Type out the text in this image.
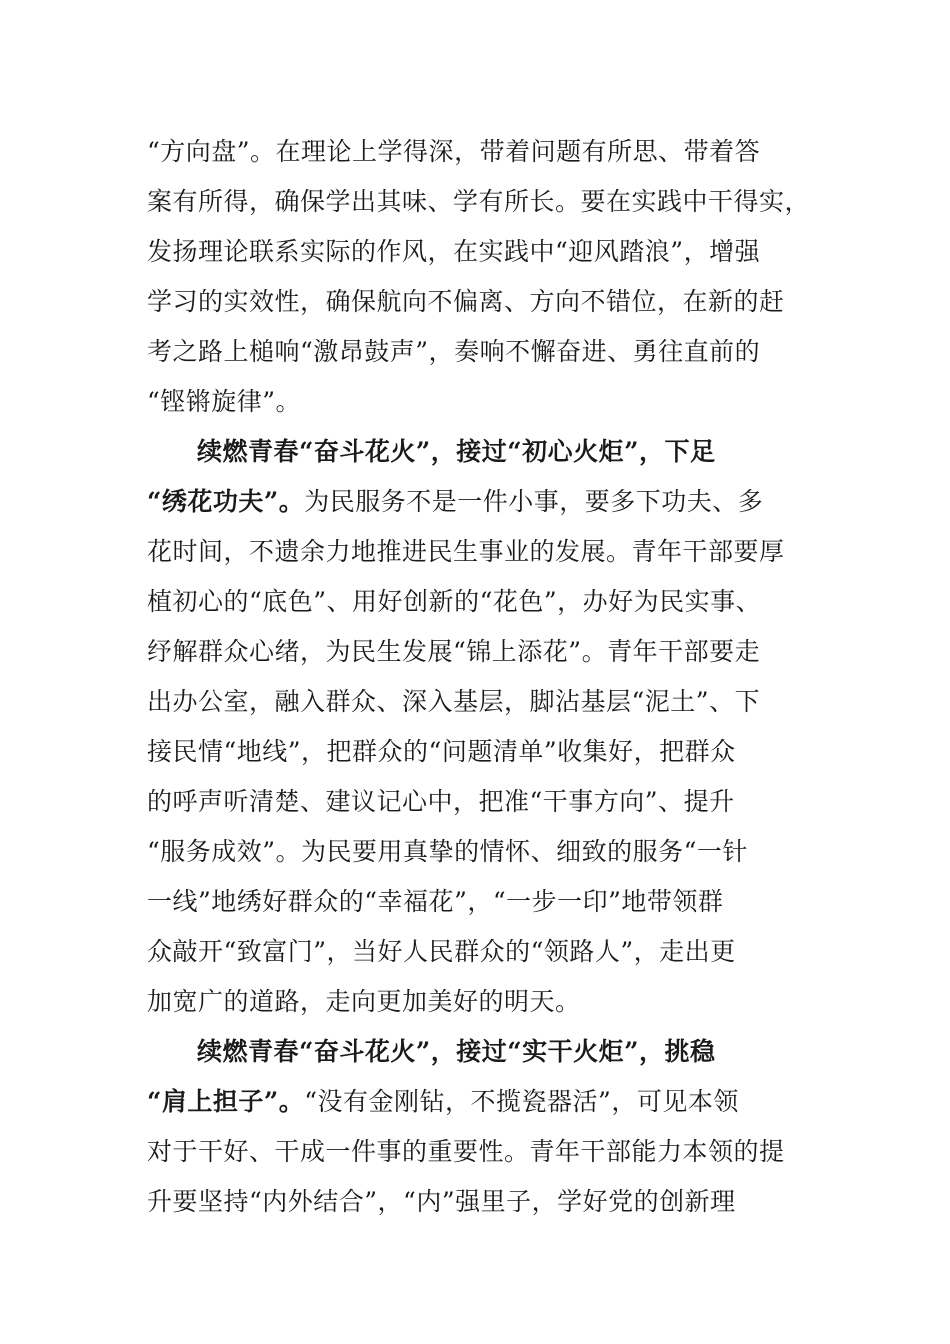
“方向盘”。在理论上学得深，带着问题有所思、带着答
案有所得，确保学出其味、学有所长。要在实践中干得实，
发扬理论联系实际的作风，在实践中“迎风踏浪”，增强
学习的实效性，确保航向不偏离、方向不错位，在新的赶
考之路上槌响“激昂鼓声”，奏响不懈奋进、勇往直前的
“铿锵旋律”。
续燃青春“奋斗花火”，接过“初心火炬”，下足
“绣花功夫”。为民服务不是一件小事，要多下功夫、多
花时间，不遗余力地推进民生事业的发展。青年干部要厚
植初心的“底色”、用好创新的“花色”，办好为民实事、
纾解群众心绪，为民生发展“锦上添花”。青年干部要走
出办公室，融入群众、深入基层，脚沾基层“泥土”、下
接民情“地线”，把群众的“问题清单”收集好，把群众
的呼声听清楚、建议记心中，把准“干事方向”、提升
“服务成效”。为民要用真挚的情怀、细致的服务“一针
一线”地绣好群众的“幸福花”，“一步一印”地带领群
众敲开“致富门”，当好人民群众的“领路人”，走出更
加宽广的道路，走向更加美好的明天。
续燃青春“奋斗花火”，接过“实干火炬”，挑稳
“肩上担子”。“没有金刚钻，不揽瓷器活”，可见本领
对于干好、干成一件事的重要性。青年干部能力本领的提
升要坚持“内外结合”，“内”强里子，学好党的创新理
